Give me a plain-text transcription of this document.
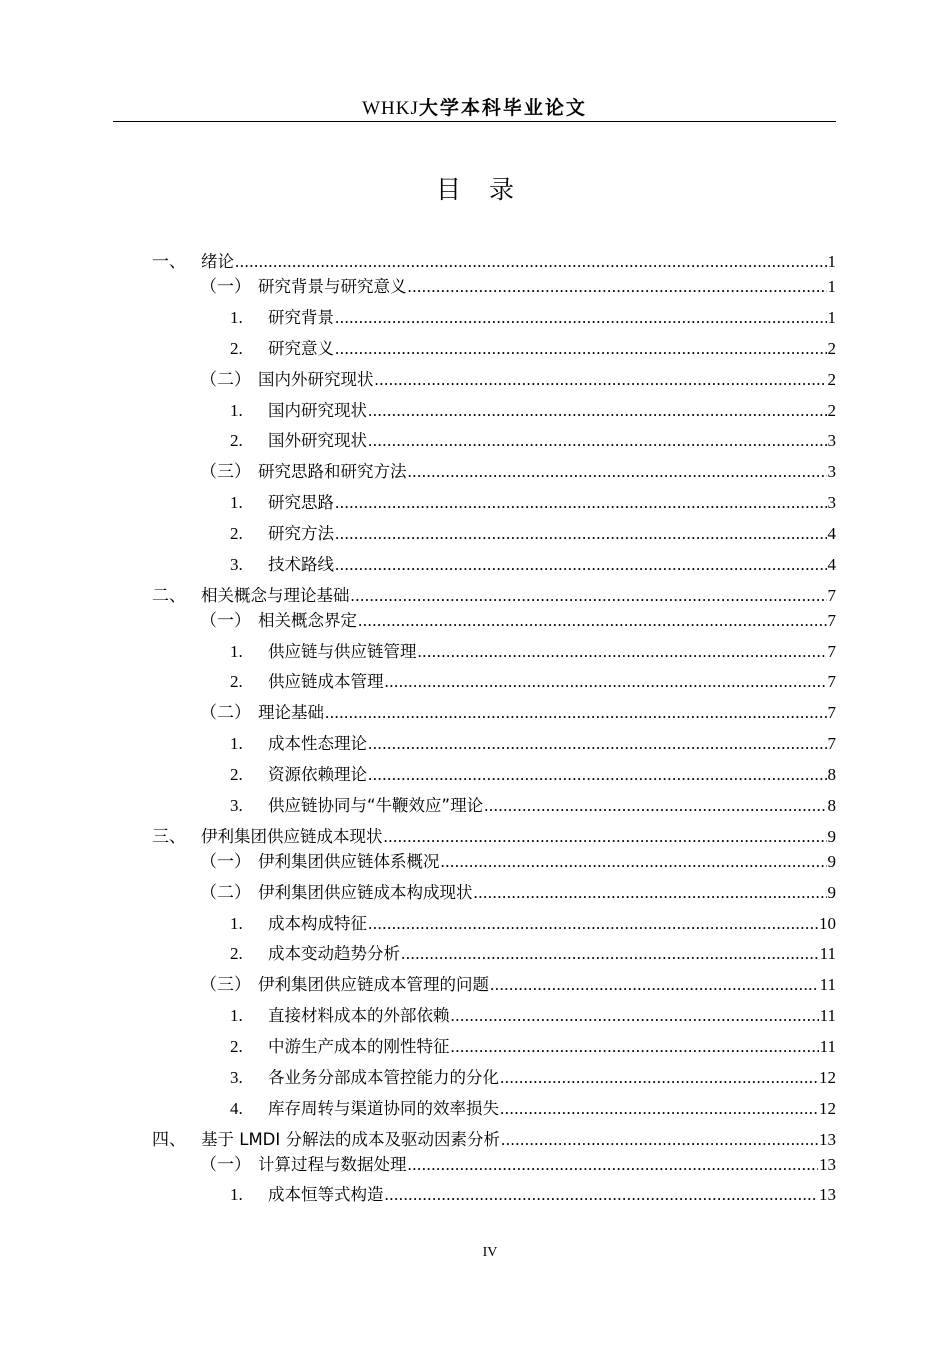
WHKJ大学本科毕业论文
目录
一、 绪论 .....	1
（一） 研究背景与研究意义 .....	1
1.	研究背景 .....	1
2.	研究意义 .....	2
（二） 国内外研究现状 .....	2
1.	国内研究现状 .....	2
2.	国外研究现状 .....	3
（三） 研究思路和研究方法 .....	3
1.	研究思路 .....	3
2.	研究方法 .....	4
3.	技术路线 .....	4
二、 相关概念与理论基础 .....	7
（一） 相关概念界定 .....	7
1.	供应链与供应链管理 .....	7
2.	供应链成本管理 .....	7
（二） 理论基础 .....	7
1.	成本性态理论 .....	7
2.	资源依赖理论 .....	8
3.	供应链协同与“牛鞭效应”理论 .....	8
三、 伊利集团供应链成本现状 .....	9
（一） 伊利集团供应链体系概况 .....	9
（二） 伊利集团供应链成本构成现状 .....	9
1.	成本构成特征 .....	10
2.	成本变动趋势分析 .....	11
（三） 伊利集团供应链成本管理的问题 .....	11
1.	直接材料成本的外部依赖 .....	11
2.	中游生产成本的刚性特征 .....	11
3.	各业务分部成本管控能力的分化 .....	12
4.	库存周转与渠道协同的效率损失 .....	12
四、 基于 LMDI 分解法的成本及驱动因素分析 .....	13
（一） 计算过程与数据处理 .....	13
1.	成本恒等式构造 .....	13
IV
